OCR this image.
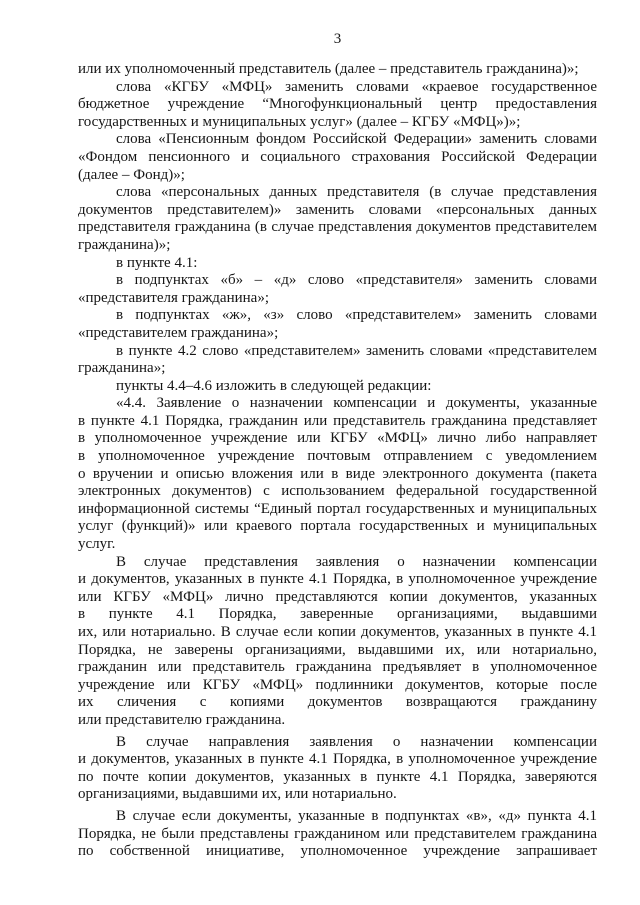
3
или их уполномоченный представитель (далее – представитель гражданина)»;
слова «КГБУ «МФЦ» заменить словами «краевое государственное
бюджетное учреждение “Многофункциональный центр предоставления
государственных и муниципальных услуг» (далее – КГБУ «МФЦ»)»;
слова «Пенсионным фондом Российской Федерации» заменить словами
«Фондом пенсионного и социального страхования Российской Федерации
(далее – Фонд)»;
слова «персональных данных представителя (в случае представления
документов представителем)» заменить словами «персональных данных
представителя гражданина (в случае представления документов представителем
гражданина)»;
в пункте 4.1:
в подпунктах «б» – «д» слово «представителя» заменить словами
«представителя гражданина»;
в подпунктах «ж», «з» слово «представителем» заменить словами
«представителем гражданина»;
в пункте 4.2 слово «представителем» заменить словами «представителем
гражданина»;
пункты 4.4–4.6 изложить в следующей редакции:
«4.4. Заявление о назначении компенсации и документы, указанные
в пункте 4.1 Порядка, гражданин или представитель гражданина представляет
в уполномоченное учреждение или КГБУ «МФЦ» лично либо направляет
в уполномоченное учреждение почтовым отправлением с уведомлением
о вручении и описью вложения или в виде электронного документа (пакета
электронных документов) с использованием федеральной государственной
информационной системы “Единый портал государственных и муниципальных
услуг (функций)» или краевого портала государственных и муниципальных
услуг.
В случае представления заявления о назначении компенсации
и документов, указанных в пункте 4.1 Порядка, в уполномоченное учреждение
или КГБУ «МФЦ» лично представляются копии документов, указанных
в пункте 4.1 Порядка, заверенные организациями, выдавшими
их, или нотариально. В случае если копии документов, указанных в пункте 4.1
Порядка, не заверены организациями, выдавшими их, или нотариально,
гражданин или представитель гражданина предъявляет в уполномоченное
учреждение или КГБУ «МФЦ» подлинники документов, которые после
их сличения с копиями документов возвращаются гражданину
или представителю гражданина.
В случае направления заявления о назначении компенсации
и документов, указанных в пункте 4.1 Порядка, в уполномоченное учреждение
по почте копии документов, указанных в пункте 4.1 Порядка, заверяются
организациями, выдавшими их, или нотариально.
В случае если документы, указанные в подпунктах «в», «д» пункта 4.1
Порядка, не были представлены гражданином или представителем гражданина
по собственной инициативе, уполномоченное учреждение запрашивает
